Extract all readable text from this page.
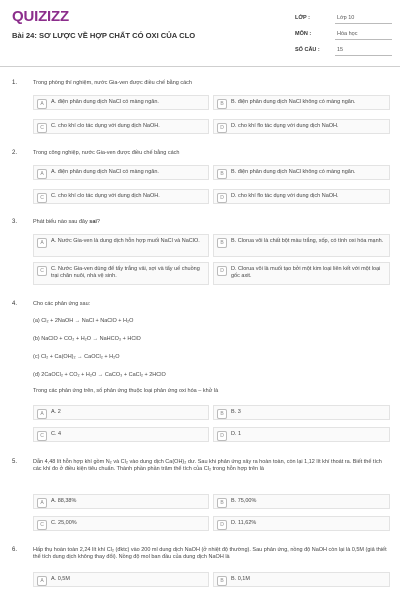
QUIZIZZ
Bài 24: SƠ LƯỢC VỀ HỢP CHẤT CÓ OXI CỦA CLO
LỚP :	Lớp 10
MÔN :	Hóa học
SỐ CÂU :	15
1.	Trong phòng thí nghiệm, nước Gia-ven được điều chế bằng cách
A	A. điện phân dung dịch NaCl có màng ngăn.	B	B. điện phân dung dịch NaCl không có màng ngăn.
C	C. cho khí clo tác dụng với dung dịch NaOH.	D	D. cho khí flo tác dụng với dung dịch NaOH.
2.	Trong công nghiệp, nước Gia-ven được điều chế bằng cách
A	A. điện phân dung dịch NaCl có màng ngăn.	B	B. điện phân dung dịch NaCl không có màng ngăn.
C	C. cho khí clo tác dụng với dung dịch NaOH.	D	D. cho khí flo tác dụng với dung dịch NaOH.
3.	Phát biểu nào sau đây sai?
A	A. Nước Gia-ven là dung dịch hỗn hợp muối NaCl và NaClO.	B	B. Clorua vôi là chất bột màu trắng, xốp, có tính oxi hóa mạnh.
C	C. Nước Gia-ven dùng để tẩy trắng vải, sợi và tẩy uế chuồng trại chăn nuôi, nhà vệ sinh.
D	D. Clorua vôi là muối tạo bởi một kim loại liên kết với một loại gốc axit.
4.	Cho các phản ứng sau:
(a) Cl₂ + 2NaOH → NaCl + NaClO + H₂O
(b) NaClO + CO₂ + H₂O → NaHCO₃ + HClO
(c) Cl₂ + Ca(OH)₂ → CaOCl₂ + H₂O
(d) 2CaOCl₂ + CO₂ + H₂O → CaCO₃ + CaCl₂ + 2HClO
Trong các phản ứng trên, số phản ứng thuộc loại phản ứng oxi hóa – khử là
A	A. 2	B	B. 3
C	C. 4	D	D. 1
5.	Dẫn 4,48 lít hỗn hợp khí gồm N₂ và Cl₂ vào dung dịch Ca(OH)₂ dư. Sau khi phản ứng xảy ra hoàn toàn, còn lại 1,12 lít khí thoát ra. Biết thể tích các khí đo ở điều kiện tiêu chuẩn. Thành phần phần trăm thể tích của Cl₂ trong hỗn hợp trên là
A	A. 88,38%	B	B. 75,00%
C	C. 25,00%	D	D. 11,62%
6.	Hấp thụ hoàn toàn 2,24 lít khí Cl₂ (đktc) vào 200 ml dung dịch NaOH (ở nhiệt độ thường). Sau phản ứng, nồng độ NaOH còn lại là 0,5M (giả thiết thể tích dung dịch không thay đổi). Nồng độ mol ban đầu của dung dịch NaOH là
A	A. 0,5M	B	B. 0,1M
